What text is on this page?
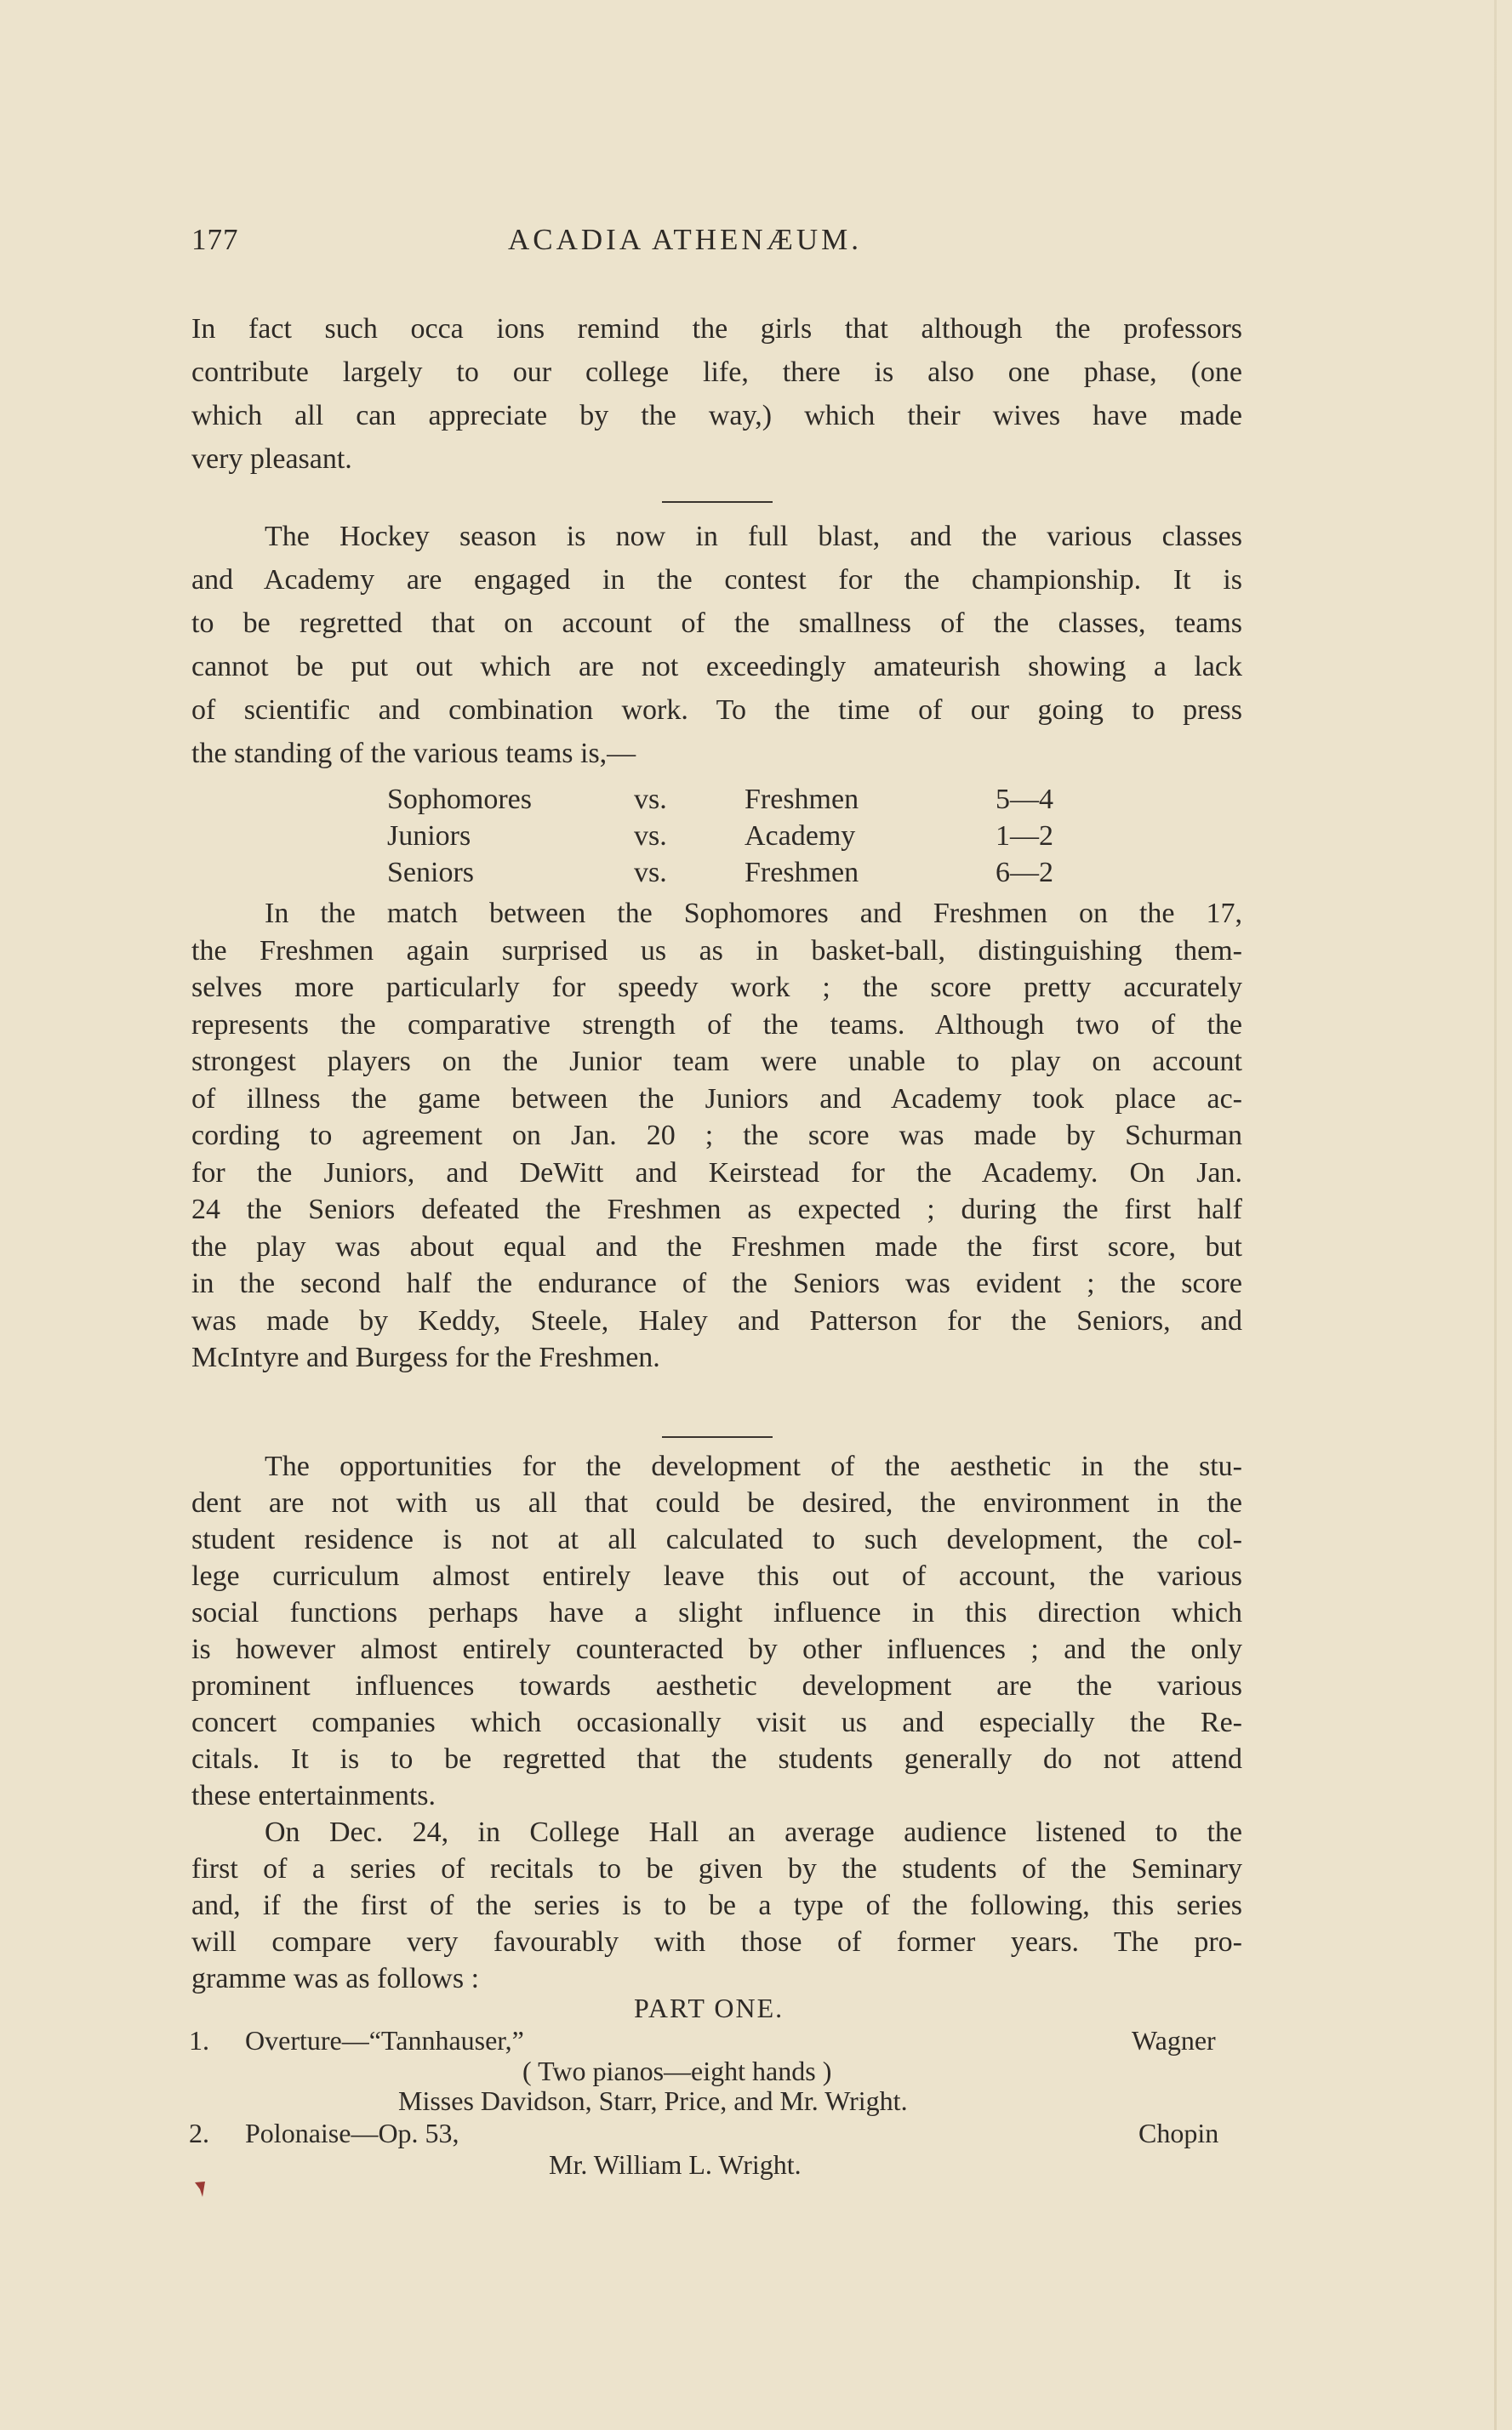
177	ACADIA ATHENÆUM.
In fact such occa ions remind the girls that although the professors
contribute largely to our college life, there is also one phase, (one
which all can appreciate by the way,) which their wives have made
very pleasant.
The Hockey season is now in full blast, and the various classes
and Academy are engaged in the contest for the championship. It is
to be regretted that on account of the smallness of the classes, teams
cannot be put out which are not exceedingly amateurish showing a lack
of scientific and combination work. To the time of our going to press
the standing of the various teams is,—
Sophomores	vs.	Freshmen	5—4
Juniors	vs.	Academy	1—2
Seniors	vs.	Freshmen	6—2
In the match between the Sophomores and Freshmen on the 17,
the Freshmen again surprised us as in basket-ball, distinguishing them-
selves more particularly for speedy work ; the score pretty accurately
represents the comparative strength of the teams. Although two of the
strongest players on the Junior team were unable to play on account
of illness the game between the Juniors and Academy took place ac-
cording to agreement on Jan. 20 ; the score was made by Schurman
for the Juniors, and DeWitt and Keirstead for the Academy. On Jan.
24 the Seniors defeated the Freshmen as expected ; during the first half
the play was about equal and the Freshmen made the first score, but
in the second half the endurance of the Seniors was evident ; the score
was made by Keddy, Steele, Haley and Patterson for the Seniors, and
McIntyre and Burgess for the Freshmen.
The opportunities for the development of the aesthetic in the stu-
dent are not with us all that could be desired, the environment in the
student residence is not at all calculated to such development, the col-
lege curriculum almost entirely leave this out of account, the various
social functions perhaps have a slight influence in this direction which
is however almost entirely counteracted by other influences ; and the only
prominent influences towards aesthetic development are the various
concert companies which occasionally visit us and especially the Re-
citals. It is to be regretted that the students generally do not attend
these entertainments.
On Dec. 24, in College Hall an average audience listened to the
first of a series of recitals to be given by the students of the Seminary
and, if the first of the series is to be a type of the following, this series
will compare very favourably with those of former years. The pro-
gramme was as follows :
PART ONE.
1. Overture—“Tannhauser,”	Wagner
( Two pianos—eight hands )
Misses Davidson, Starr, Price, and Mr. Wright.
2. Polonaise—Op. 53,	Chopin
Mr. William L. Wright.
